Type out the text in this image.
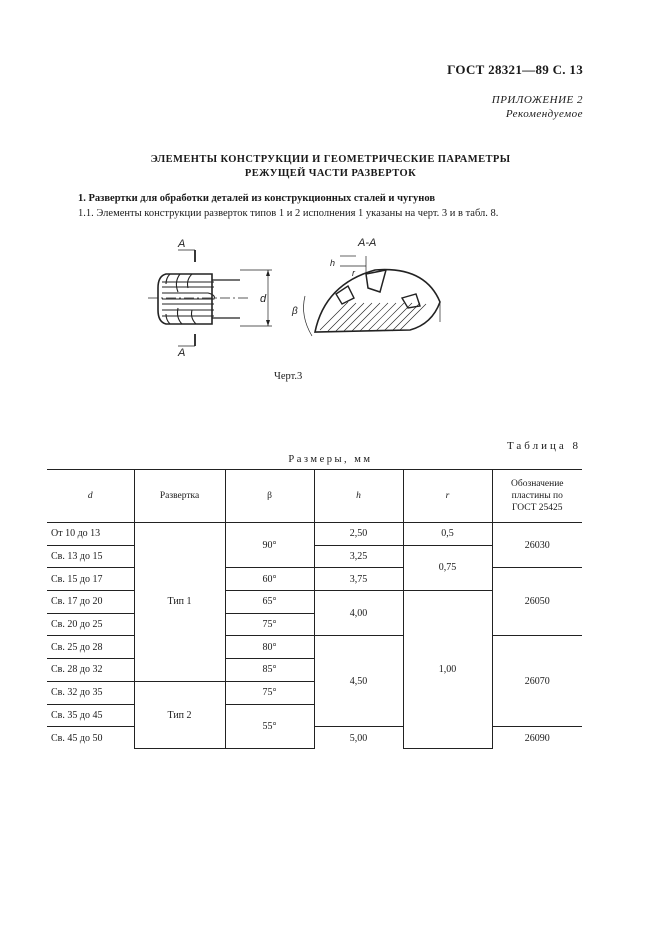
ГОСТ 28321—89 С. 13
ПРИЛОЖЕНИЕ 2
Рекомендуемое
ЭЛЕМЕНТЫ КОНСТРУКЦИИ И ГЕОМЕТРИЧЕСКИЕ ПАРАМЕТРЫ
РЕЖУЩЕЙ ЧАСТИ РАЗВЕРТОК
1. Развертки для обработки деталей из конструкционных сталей и чугунов
1.1. Элементы конструкции разверток типов 1 и 2 исполнения 1 указаны на черт. 3 и в табл. 8.
A
A
d
A-A
h
r
β
Черт.3
Таблица 8
Размеры, мм
d	Развертка	β	h	r	Обозначение
пластины по
ГОСТ 25425

От 10 до 13	Тип 1	90°	2,50	0,5	26030
Св. 13 до 15			3,25	0,75	
Св. 15 до 17		60°	3,75		26050
Св. 17 до 20		65°	4,00	1,00	
Св. 20 до 25		75°			
Св. 25 до 28		80°	4,50		26070
Св. 28 до 32		85°			
Св. 32 до 35	Тип 2	75°			
Св. 35 до 45		55°			
Св. 45 до 50			5,00		26090
